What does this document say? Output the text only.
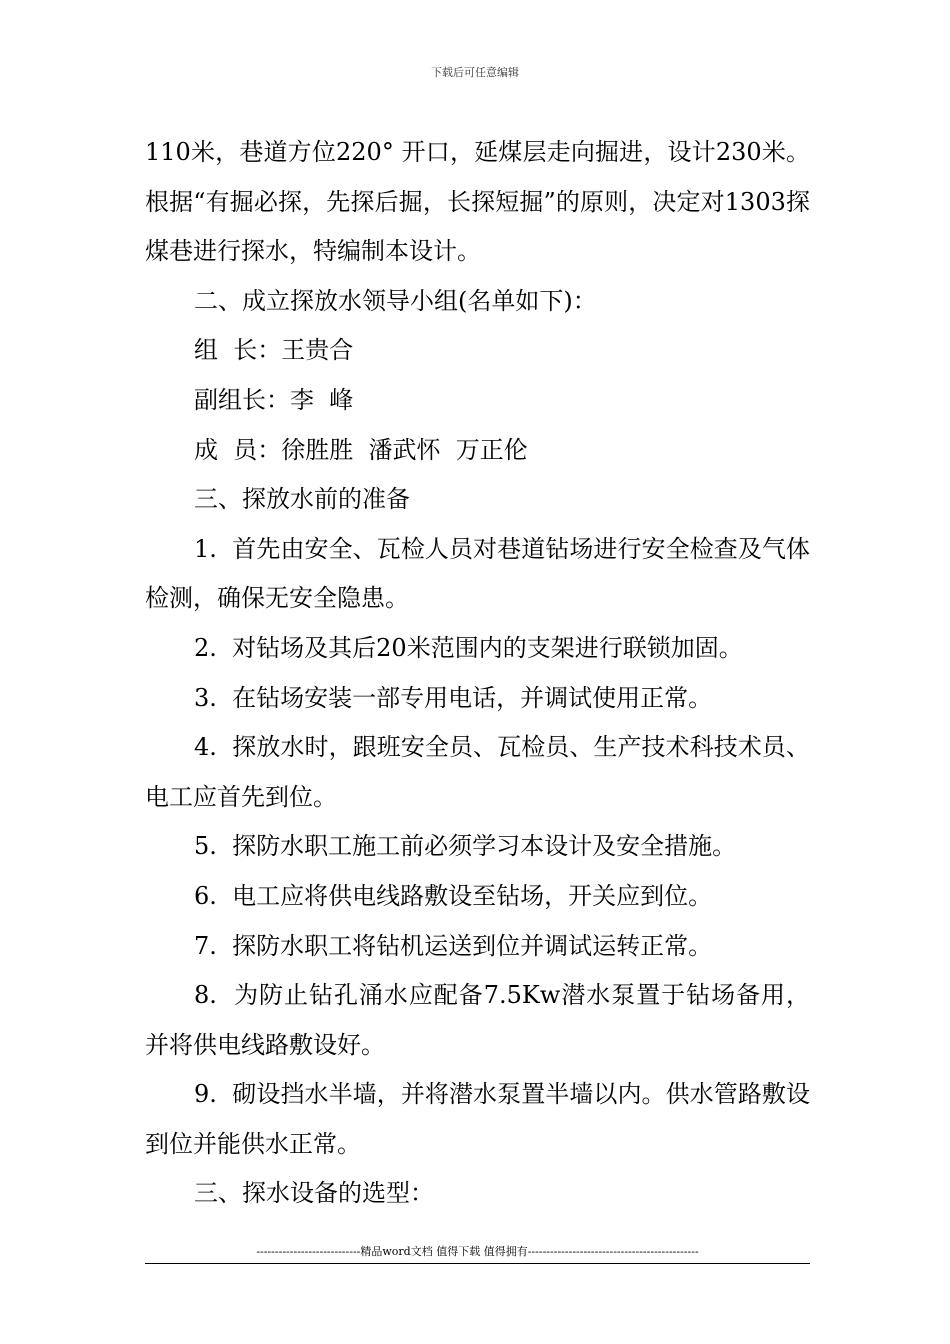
下载后可任意编辑

110米，巷道方位220° 开口，延煤层走向掘进，设计230米。根据“有掘必探，先探后掘，长探短掘”的原则，决定对1303探煤巷进行探水，特编制本设计。

二、成立探放水领导小组(名单如下)：

组  长：王贵合

副组长：李  峰

成  员：徐胜胜  潘武怀  万正伦

三、探放水前的准备

1.  首先由安全、瓦检人员对巷道钻场进行安全检查及气体检测，确保无安全隐患。

2.  对钻场及其后20米范围内的支架进行联锁加固。

3.  在钻场安装一部专用电话，并调试使用正常。

4.  探放水时，跟班安全员、瓦检员、生产技术科技术员、电工应首先到位。

5.  探防水职工施工前必须学习本设计及安全措施。

6.  电工应将供电线路敷设至钻场，开关应到位。

7.  探防水职工将钻机运送到位并调试运转正常。

8.  为防止钻孔涌水应配备7.5Kw潜水泵置于钻场备用，并将供电线路敷设好。

9.  砌设挡水半墙，并将潜水泵置半墙以内。供水管路敷设到位并能供水正常。

三、探水设备的选型：

----------------------------精品word文档 值得下载 值得拥有----------------------------------------------
